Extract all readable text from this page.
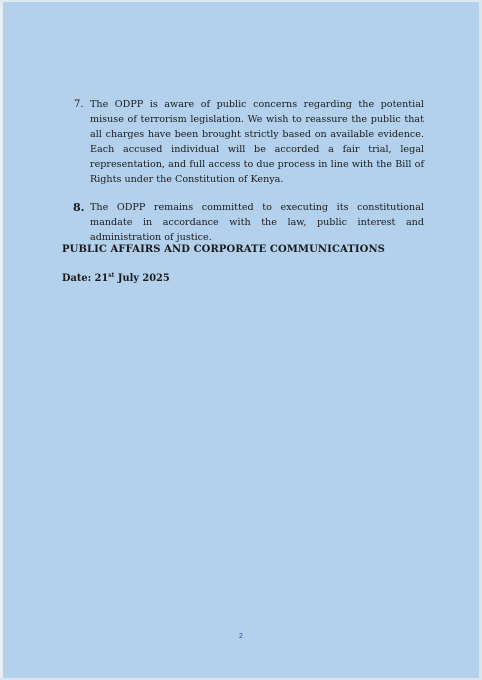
7. The ODPP is aware of public concerns regarding the potential misuse of terrorism legislation. We wish to reassure the public that all charges have been brought strictly based on available evidence. Each accused individual will be accorded a fair trial, legal representation, and full access to due process in line with the Bill of Rights under the Constitution of Kenya.
8. The ODPP remains committed to executing its constitutional mandate in accordance with the law, public interest and administration of justice.
PUBLIC AFFAIRS AND CORPORATE COMMUNICATIONS
Date: 21st July 2025
2
